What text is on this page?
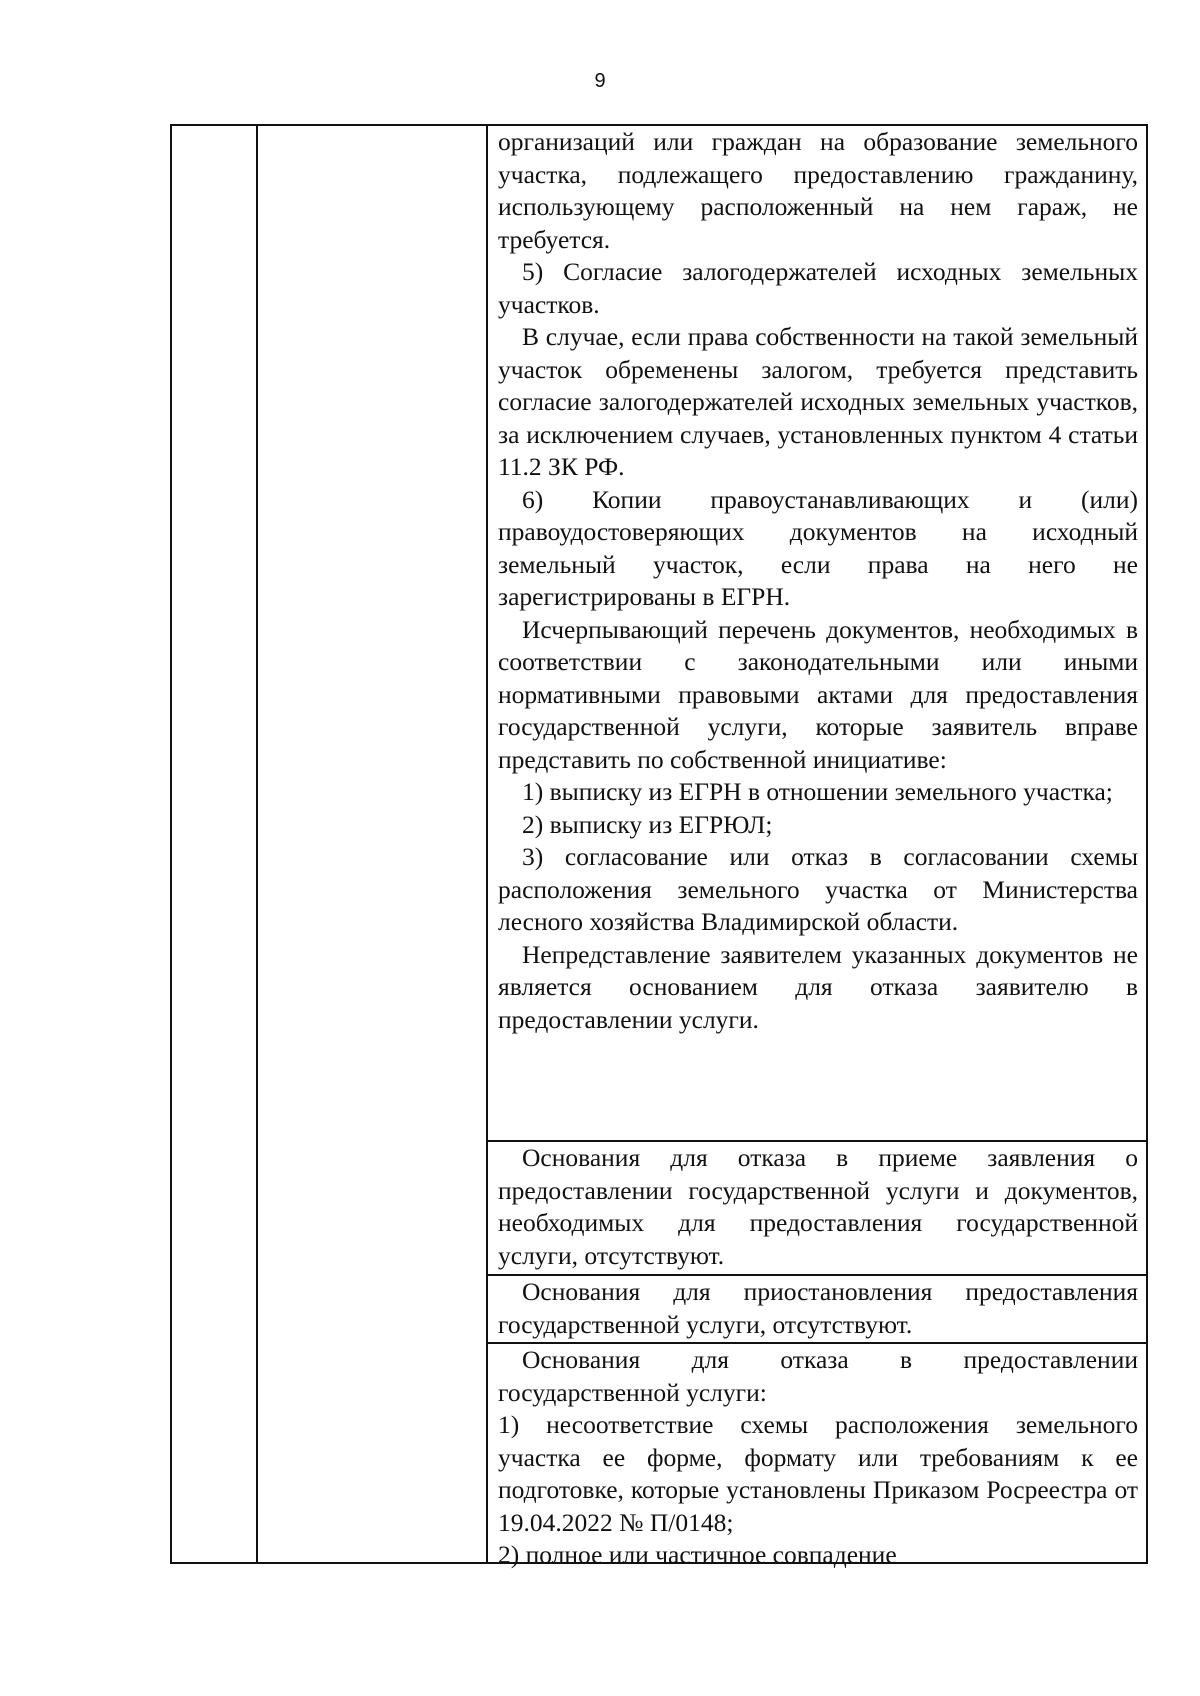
9

организаций или граждан на образование земельного участка, подлежащего предоставлению гражданину, использующему расположенный на нем гараж, не требуется.

5) Согласие залогодержателей исходных земельных участков.

В случае, если права собственности на такой земельный участок обременены залогом, требуется представить согласие залогодержателей исходных земельных участков, за исключением случаев, установленных пунктом 4 статьи 11.2 ЗК РФ.

6) Копии правоустанавливающих и (или) правоудостоверяющих документов на исходный земельный участок, если права на него не зарегистрированы в ЕГРН.

Исчерпывающий перечень документов, необходимых в соответствии с законодательными или иными нормативными правовыми актами для предоставления государственной услуги, которые заявитель вправе представить по собственной инициативе:

1) выписку из ЕГРН в отношении земельного участка;

2) выписку из ЕГРЮЛ;

3) согласование или отказ в согласовании схемы расположения земельного участка от Министерства лесного хозяйства Владимирской области.

Непредставление заявителем указанных документов не является основанием для отказа заявителю в предоставлении услуги.

Основания для отказа в приеме заявления о предоставлении государственной услуги и документов, необходимых для предоставления государственной услуги, отсутствуют.

Основания для приостановления предоставления государственной услуги, отсутствуют.

Основания для отказа в предоставлении государственной услуги:

1) несоответствие схемы расположения земельного участка ее форме, формату или требованиям к ее подготовке, которые установлены Приказом Росреестра от 19.04.2022 № П/0148;

2) полное или частичное совпадение
